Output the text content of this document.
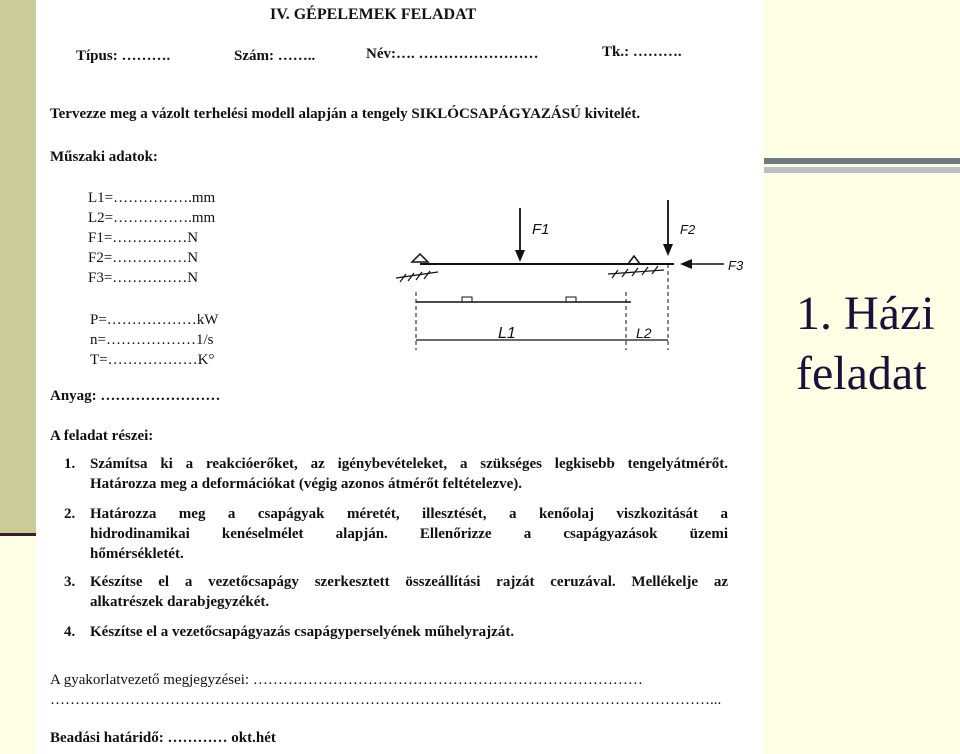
IV. GÉPELEMEK FELADAT
Típus: ……….	Szám: ……..	Név:…. ……………………	Tk.: ……….
Tervezze meg a vázolt terhelési modell alapján a tengely SIKLÓCSAPÁGYAZÁSÚ kivitelét.
Műszaki adatok:
L1=…………….mm
L2=…………….mm
F1=……………N
F2=……………N
F3=……………N
P=………………kW
n=………………1/s
T=………………K°
F1	F2
F3
L1	L2
Anyag: ……………………
A feladat részei:
1. Számítsa ki a reakcióerőket, az igénybevételeket, a szükséges legkisebb tengelyátmérőt.
Határozza meg a deformációkat (végig azonos átmérőt feltételezve).
2. Határozza meg a csapágyak méretét, illesztését, a kenőolaj viszkozitását a
hidrodinamikai kenéselmélet alapján. Ellenőrizze a csapágyazások üzemi
hőmérsékletét.
3. Készítse el a vezetőcsapágy szerkesztett összeállítási rajzát ceruzával. Mellékelje az
alkatrészek darabjegyzékét.
4. Készítse el a vezetőcsapágyazás csapágyperselyének műhelyrajzát.
A gyakorlatvezető megjegyzései: ……………………………………………………………………
……………………………………………………………………………………………………………………...
Beadási határidő: ………… okt.hét
1. Házi
feladat
